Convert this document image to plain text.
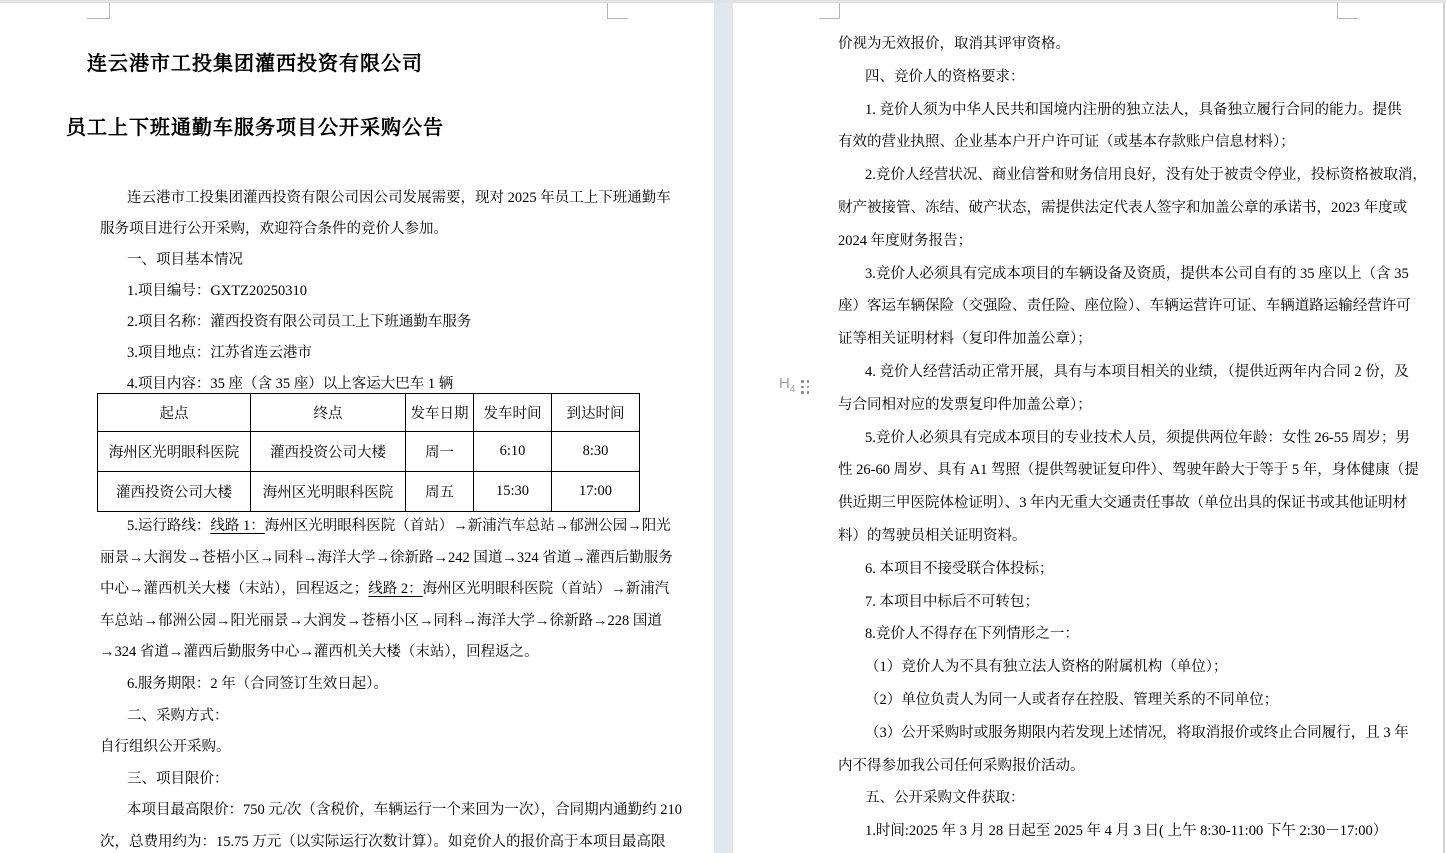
连云港市工投集团灌西投资有限公司
员工上下班通勤车服务项目公开采购公告
连云港市工投集团灌西投资有限公司因公司发展需要，现对 2025 年员工上下班通勤车
服务项目进行公开采购，欢迎符合条件的竞价人参加。
一、项目基本情况
1.项目编号：GXTZ20250310
2.项目名称：灌西投资有限公司员工上下班通勤车服务
3.项目地点：江苏省连云港市
4.项目内容：35 座（含 35 座）以上客运大巴车 1 辆
起点	终点	发车日期	发车时间	到达时间
海州区光明眼科医院	灌西投资公司大楼	周一	6:10	8:30
灌西投资公司大楼	海州区光明眼科医院	周五	15:30	17:00
5.运行路线：线路 1：海州区光明眼科医院（首站）→新浦汽车总站→郁洲公园→阳光
丽景→大润发→苍梧小区→同科→海洋大学→徐新路→242 国道→324 省道→灌西后勤服务
中心→灌西机关大楼（末站），回程返之；线路 2：海州区光明眼科医院（首站）→新浦汽
车总站→郁洲公园→阳光丽景→大润发→苍梧小区→同科→海洋大学→徐新路→228 国道
→324 省道→灌西后勤服务中心→灌西机关大楼（末站），回程返之。
6.服务期限：2 年（合同签订生效日起）。
二、采购方式：
自行组织公开采购。
三、项目限价：
本项目最高限价：750 元/次（含税价，车辆运行一个来回为一次），合同期内通勤约 210
次，总费用约为：15.75 万元（以实际运行次数计算）。如竞价人的报价高于本项目最高限
价视为无效报价，取消其评审资格。
四、竞价人的资格要求：
1. 竞价人须为中华人民共和国境内注册的独立法人，具备独立履行合同的能力。提供
有效的营业执照、企业基本户开户许可证（或基本存款账户信息材料）；
2.竞价人经营状况、商业信誉和财务信用良好，没有处于被责令停业，投标资格被取消，
财产被接管、冻结、破产状态，需提供法定代表人签字和加盖公章的承诺书，2023 年度或
2024 年度财务报告；
3.竞价人必须具有完成本项目的车辆设备及资质，提供本公司自有的 35 座以上（含 35
座）客运车辆保险（交强险、责任险、座位险）、车辆运营许可证、车辆道路运输经营许可
证等相关证明材料（复印件加盖公章）；
4. 竞价人经营活动正常开展，具有与本项目相关的业绩，（提供近两年内合同 2 份，及
与合同相对应的发票复印件加盖公章）；
5.竞价人必须具有完成本项目的专业技术人员，须提供两位年龄：女性 26-55 周岁；男
性 26-60 周岁、具有 A1 驾照（提供驾驶证复印件）、驾驶年龄大于等于 5 年，身体健康（提
供近期三甲医院体检证明）、3 年内无重大交通责任事故（单位出具的保证书或其他证明材
料）的驾驶员相关证明资料。
6. 本项目不接受联合体投标；
7. 本项目中标后不可转包；
8.竞价人不得存在下列情形之一：
（1）竞价人为不具有独立法人资格的附属机构（单位）；
（2）单位负责人为同一人或者存在控股、管理关系的不同单位；
（3）公开采购时或服务期限内若发现上述情况，将取消报价或终止合同履行，且 3 年
内不得参加我公司任何采购报价活动。
五、公开采购文件获取：
1.时间:2025 年 3 月 28 日起至 2025 年 4 月 3 日( 上午 8:30-11:00 下午 2:30－17:00）
$H_4$
